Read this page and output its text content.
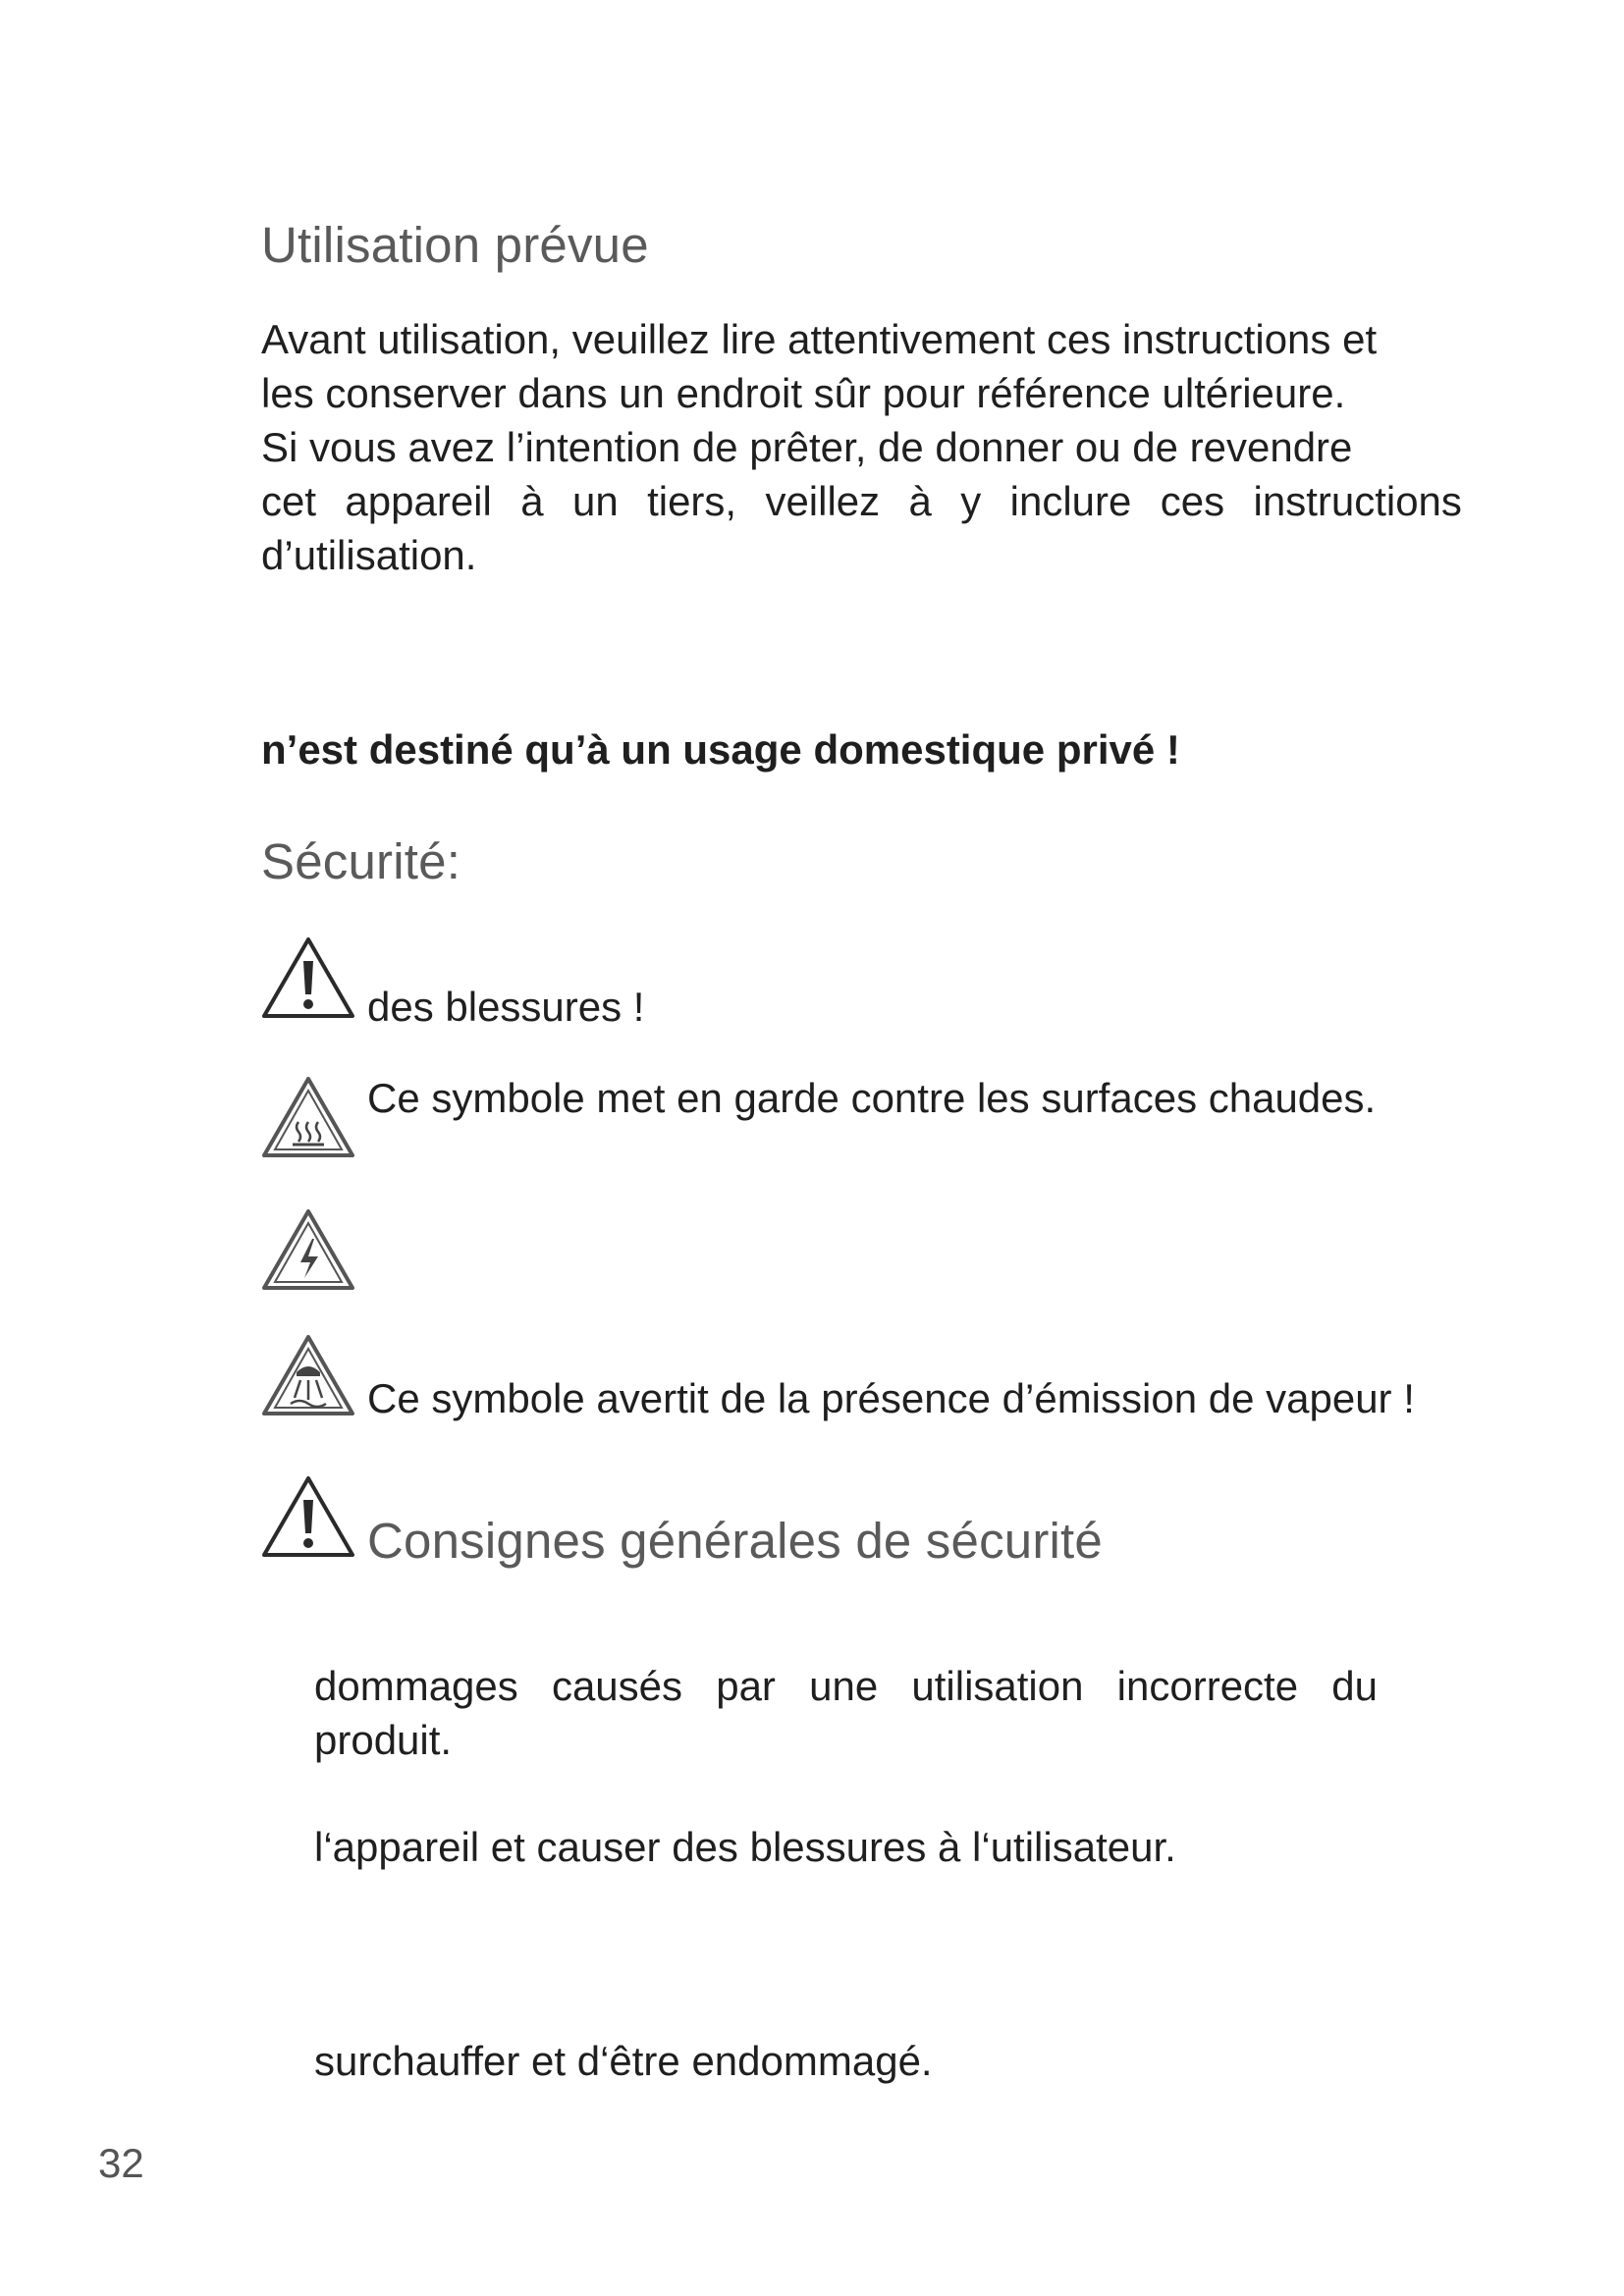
Utilisation prévue
Avant utilisation, veuillez lire attentivement ces instructions et
les conserver dans un endroit sûr pour référence ultérieure.
Si vous avez l’intention de prêter, de donner ou de revendre
cet appareil à un tiers, veillez à y inclure ces instructions
d’utilisation.
n’est destiné qu’à un usage domestique privé !
Sécurité:
des blessures !
Ce symbole met en garde contre les surfaces chaudes.
Ce symbole avertit de la présence d’émission de vapeur !
Consignes générales de sécurité
dommages causés par une utilisation incorrecte du
produit.
l‘appareil et causer des blessures à l‘utilisateur.
surchauffer et d‘être endommagé.
32
